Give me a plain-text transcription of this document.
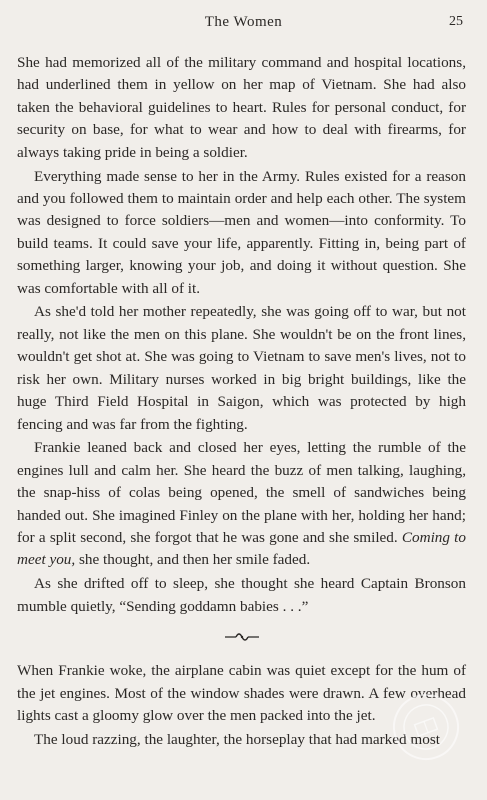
The Women	25

She had memorized all of the military command and hospital locations, had underlined them in yellow on her map of Vietnam. She had also taken the behavioral guidelines to heart. Rules for personal conduct, for security on base, for what to wear and how to deal with firearms, for always taking pride in being a soldier.

Everything made sense to her in the Army. Rules existed for a reason and you followed them to maintain order and help each other. The system was designed to force soldiers—men and women—into conformity. To build teams. It could save your life, apparently. Fitting in, being part of something larger, knowing your job, and doing it without question. She was comfortable with all of it.

As she'd told her mother repeatedly, she was going off to war, but not really, not like the men on this plane. She wouldn't be on the front lines, wouldn't get shot at. She was going to Vietnam to save men's lives, not to risk her own. Military nurses worked in big bright buildings, like the huge Third Field Hospital in Saigon, which was protected by high fencing and was far from the fighting.

Frankie leaned back and closed her eyes, letting the rumble of the engines lull and calm her. She heard the buzz of men talking, laughing, the snap-hiss of colas being opened, the smell of sandwiches being handed out. She imagined Finley on the plane with her, holding her hand; for a split second, she forgot that he was gone and she smiled. Coming to meet you, she thought, and then her smile faded.

As she drifted off to sleep, she thought she heard Captain Bronson mumble quietly, “Sending goddamn babies . . .”

When Frankie woke, the airplane cabin was quiet except for the hum of the jet engines. Most of the window shades were drawn. A few overhead lights cast a gloomy glow over the men packed into the jet.

The loud razzing, the laughter, the horseplay that had marked most
